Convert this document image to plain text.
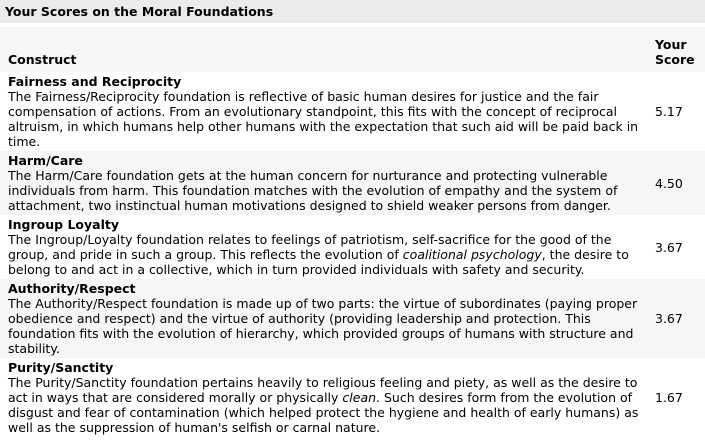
Your Scores on the Moral Foundations
Construct	Your Score

Fairness and Reciprocity
The Fairness/Reciprocity foundation is reflective of basic human desires for justice and the fair compensation of actions. From an evolutionary standpoint, this fits with the concept of reciprocal altruism, in which humans help other humans with the expectation that such aid will be paid back in time.	5.17

Harm/Care
The Harm/Care foundation gets at the human concern for nurturance and protecting vulnerable individuals from harm. This foundation matches with the evolution of empathy and the system of attachment, two instinctual human motivations designed to shield weaker persons from danger.	4.50

Ingroup Loyalty
The Ingroup/Loyalty foundation relates to feelings of patriotism, self-sacrifice for the good of the group, and pride in such a group. This reflects the evolution of coalitional psychology, the desire to belong to and act in a collective, which in turn provided individuals with safety and security.	3.67

Authority/Respect
The Authority/Respect foundation is made up of two parts: the virtue of subordinates (paying proper obedience and respect) and the virtue of authority (providing leadership and protection. This foundation fits with the evolution of hierarchy, which provided groups of humans with structure and stability.	3.67

Purity/Sanctity
The Purity/Sanctity foundation pertains heavily to religious feeling and piety, as well as the desire to act in ways that are considered morally or physically clean. Such desires form from the evolution of disgust and fear of contamination (which helped protect the hygiene and health of early humans) as well as the suppression of human's selfish or carnal nature.	1.67
